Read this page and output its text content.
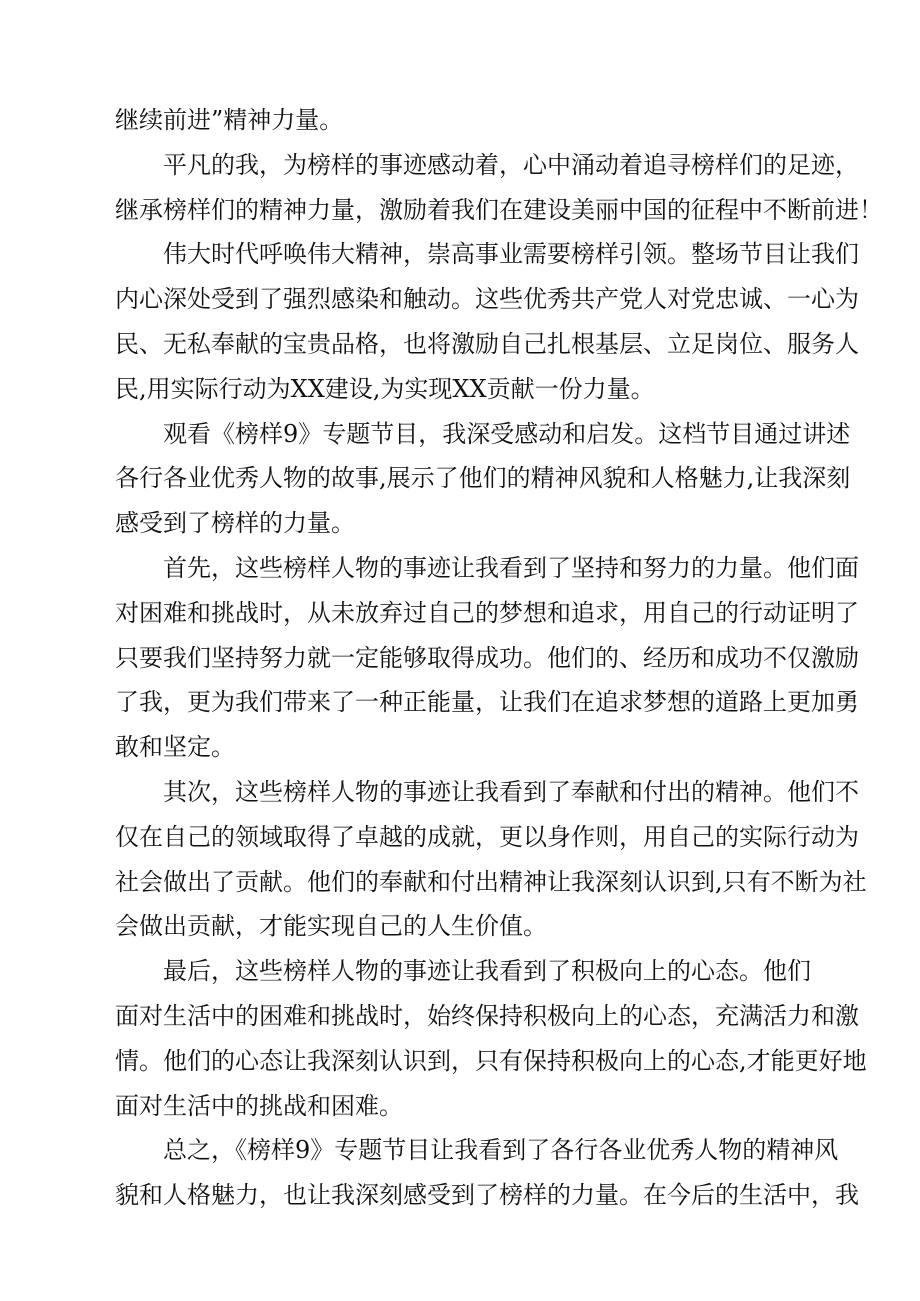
继续前进”精神力量。
平凡的我，为榜样的事迹感动着，心中涌动着追寻榜样们的足迹，
继承榜样们的精神力量，激励着我们在建设美丽中国的征程中不断前进！
伟大时代呼唤伟大精神，崇高事业需要榜样引领。整场节目让我们
内心深处受到了强烈感染和触动。这些优秀共产党人对党忠诚、一心为
民、无私奉献的宝贵品格，也将激励自己扎根基层、立足岗位、服务人
民,用实际行动为XX建设,为实现XX贡献一份力量。
观看《榜样9》专题节目，我深受感动和启发。这档节目通过讲述
各行各业优秀人物的故事,展示了他们的精神风貌和人格魅力,让我深刻
感受到了榜样的力量。
首先，这些榜样人物的事迹让我看到了坚持和努力的力量。他们面
对困难和挑战时，从未放弃过自己的梦想和追求，用自己的行动证明了
只要我们坚持努力就一定能够取得成功。他们的、经历和成功不仅激励
了我，更为我们带来了一种正能量，让我们在追求梦想的道路上更加勇
敢和坚定。
其次，这些榜样人物的事迹让我看到了奉献和付出的精神。他们不
仅在自己的领域取得了卓越的成就，更以身作则，用自己的实际行动为
社会做出了贡献。他们的奉献和付出精神让我深刻认识到,只有不断为社
会做出贡献，才能实现自己的人生价值。
最后，这些榜样人物的事迹让我看到了积极向上的心态。他们
面对生活中的困难和挑战时，始终保持积极向上的心态，充满活力和激
情。他们的心态让我深刻认识到，只有保持积极向上的心态,才能更好地
面对生活中的挑战和困难。
总之，《榜样9》专题节目让我看到了各行各业优秀人物的精神风
貌和人格魅力，也让我深刻感受到了榜样的力量。在今后的生活中，我
